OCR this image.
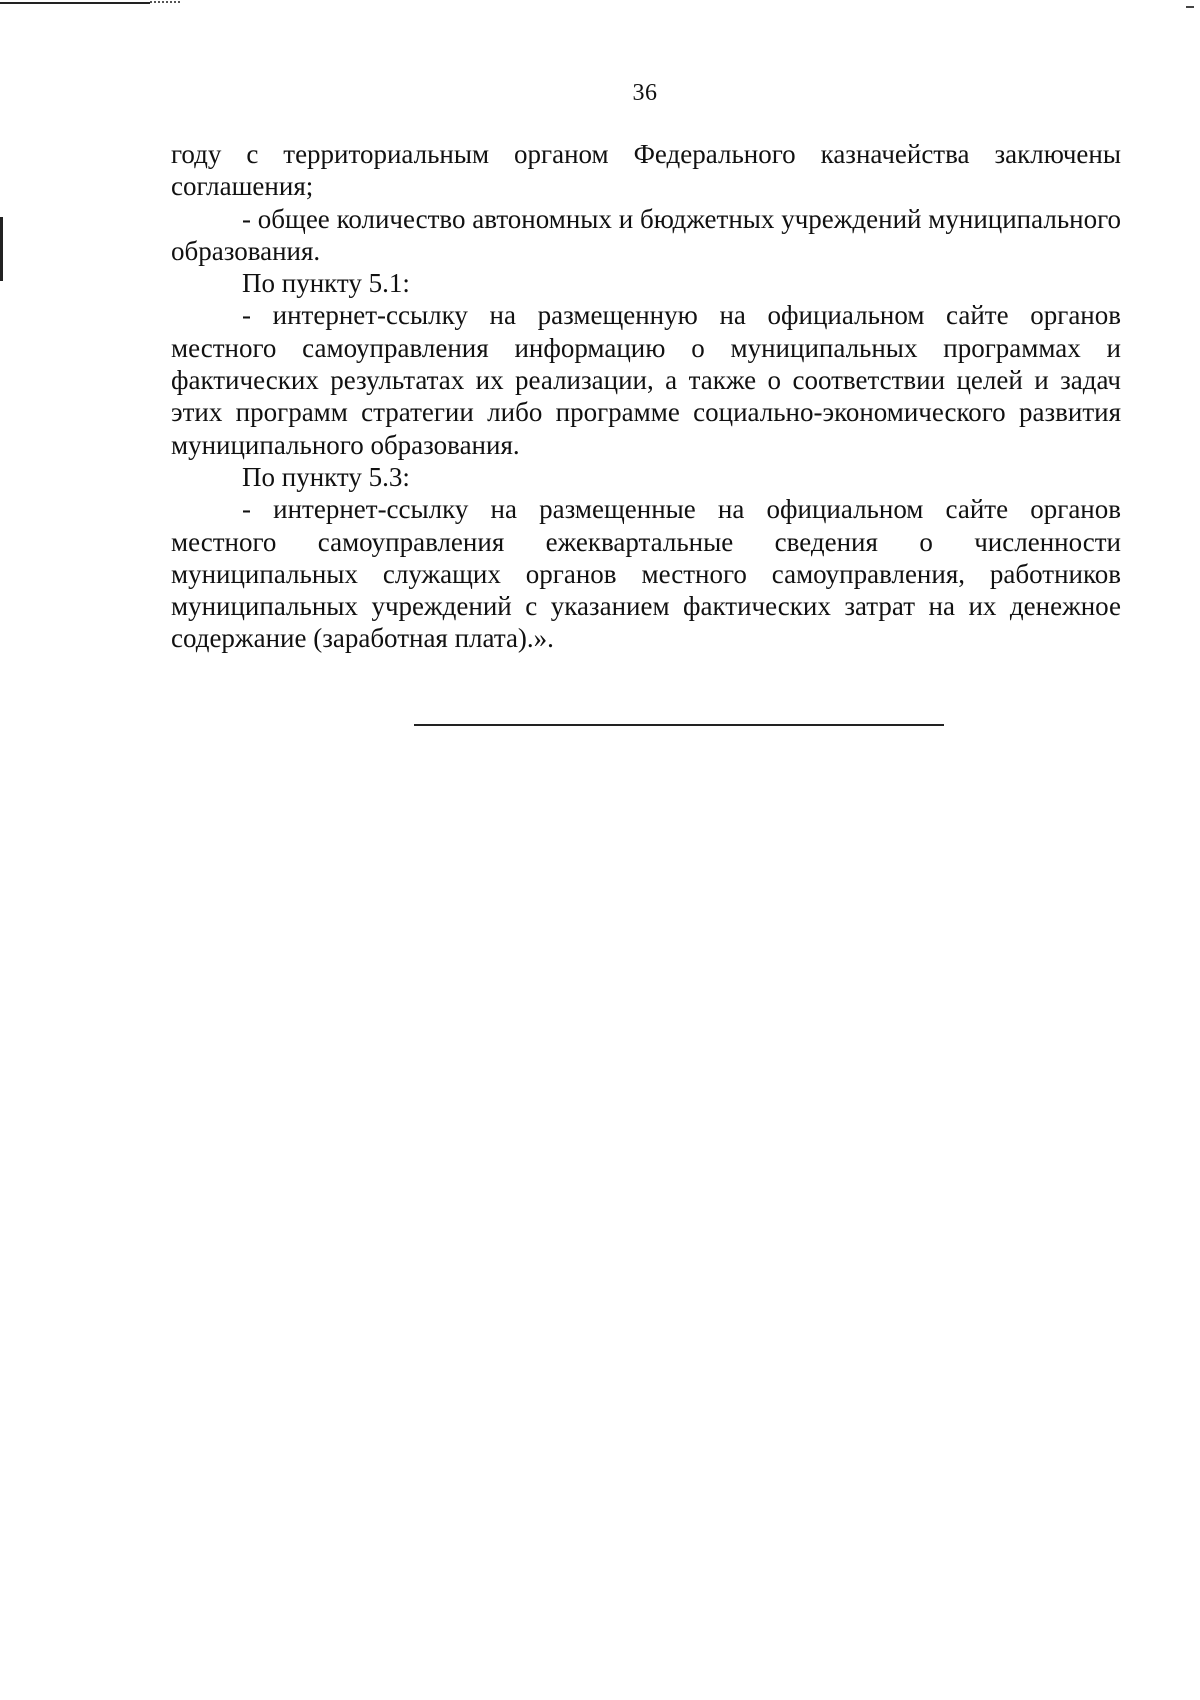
36

году с территориальным органом Федерального казначейства заключены соглашения;

- общее количество автономных и бюджетных учреждений муниципального образования.

По пункту 5.1:

- интернет-ссылку на размещенную на официальном сайте органов местного самоуправления информацию о муниципальных программах и фактических результатах их реализации, а также о соответствии целей и задач этих программ стратегии либо программе социально-экономического развития муниципального образования.

По пункту 5.3:

- интернет-ссылку на размещенные на официальном сайте органов местного самоуправления ежеквартальные сведения о численности муниципальных служащих органов местного самоуправления, работников муниципальных учреждений с указанием фактических затрат на их денежное содержание (заработная плата).».
